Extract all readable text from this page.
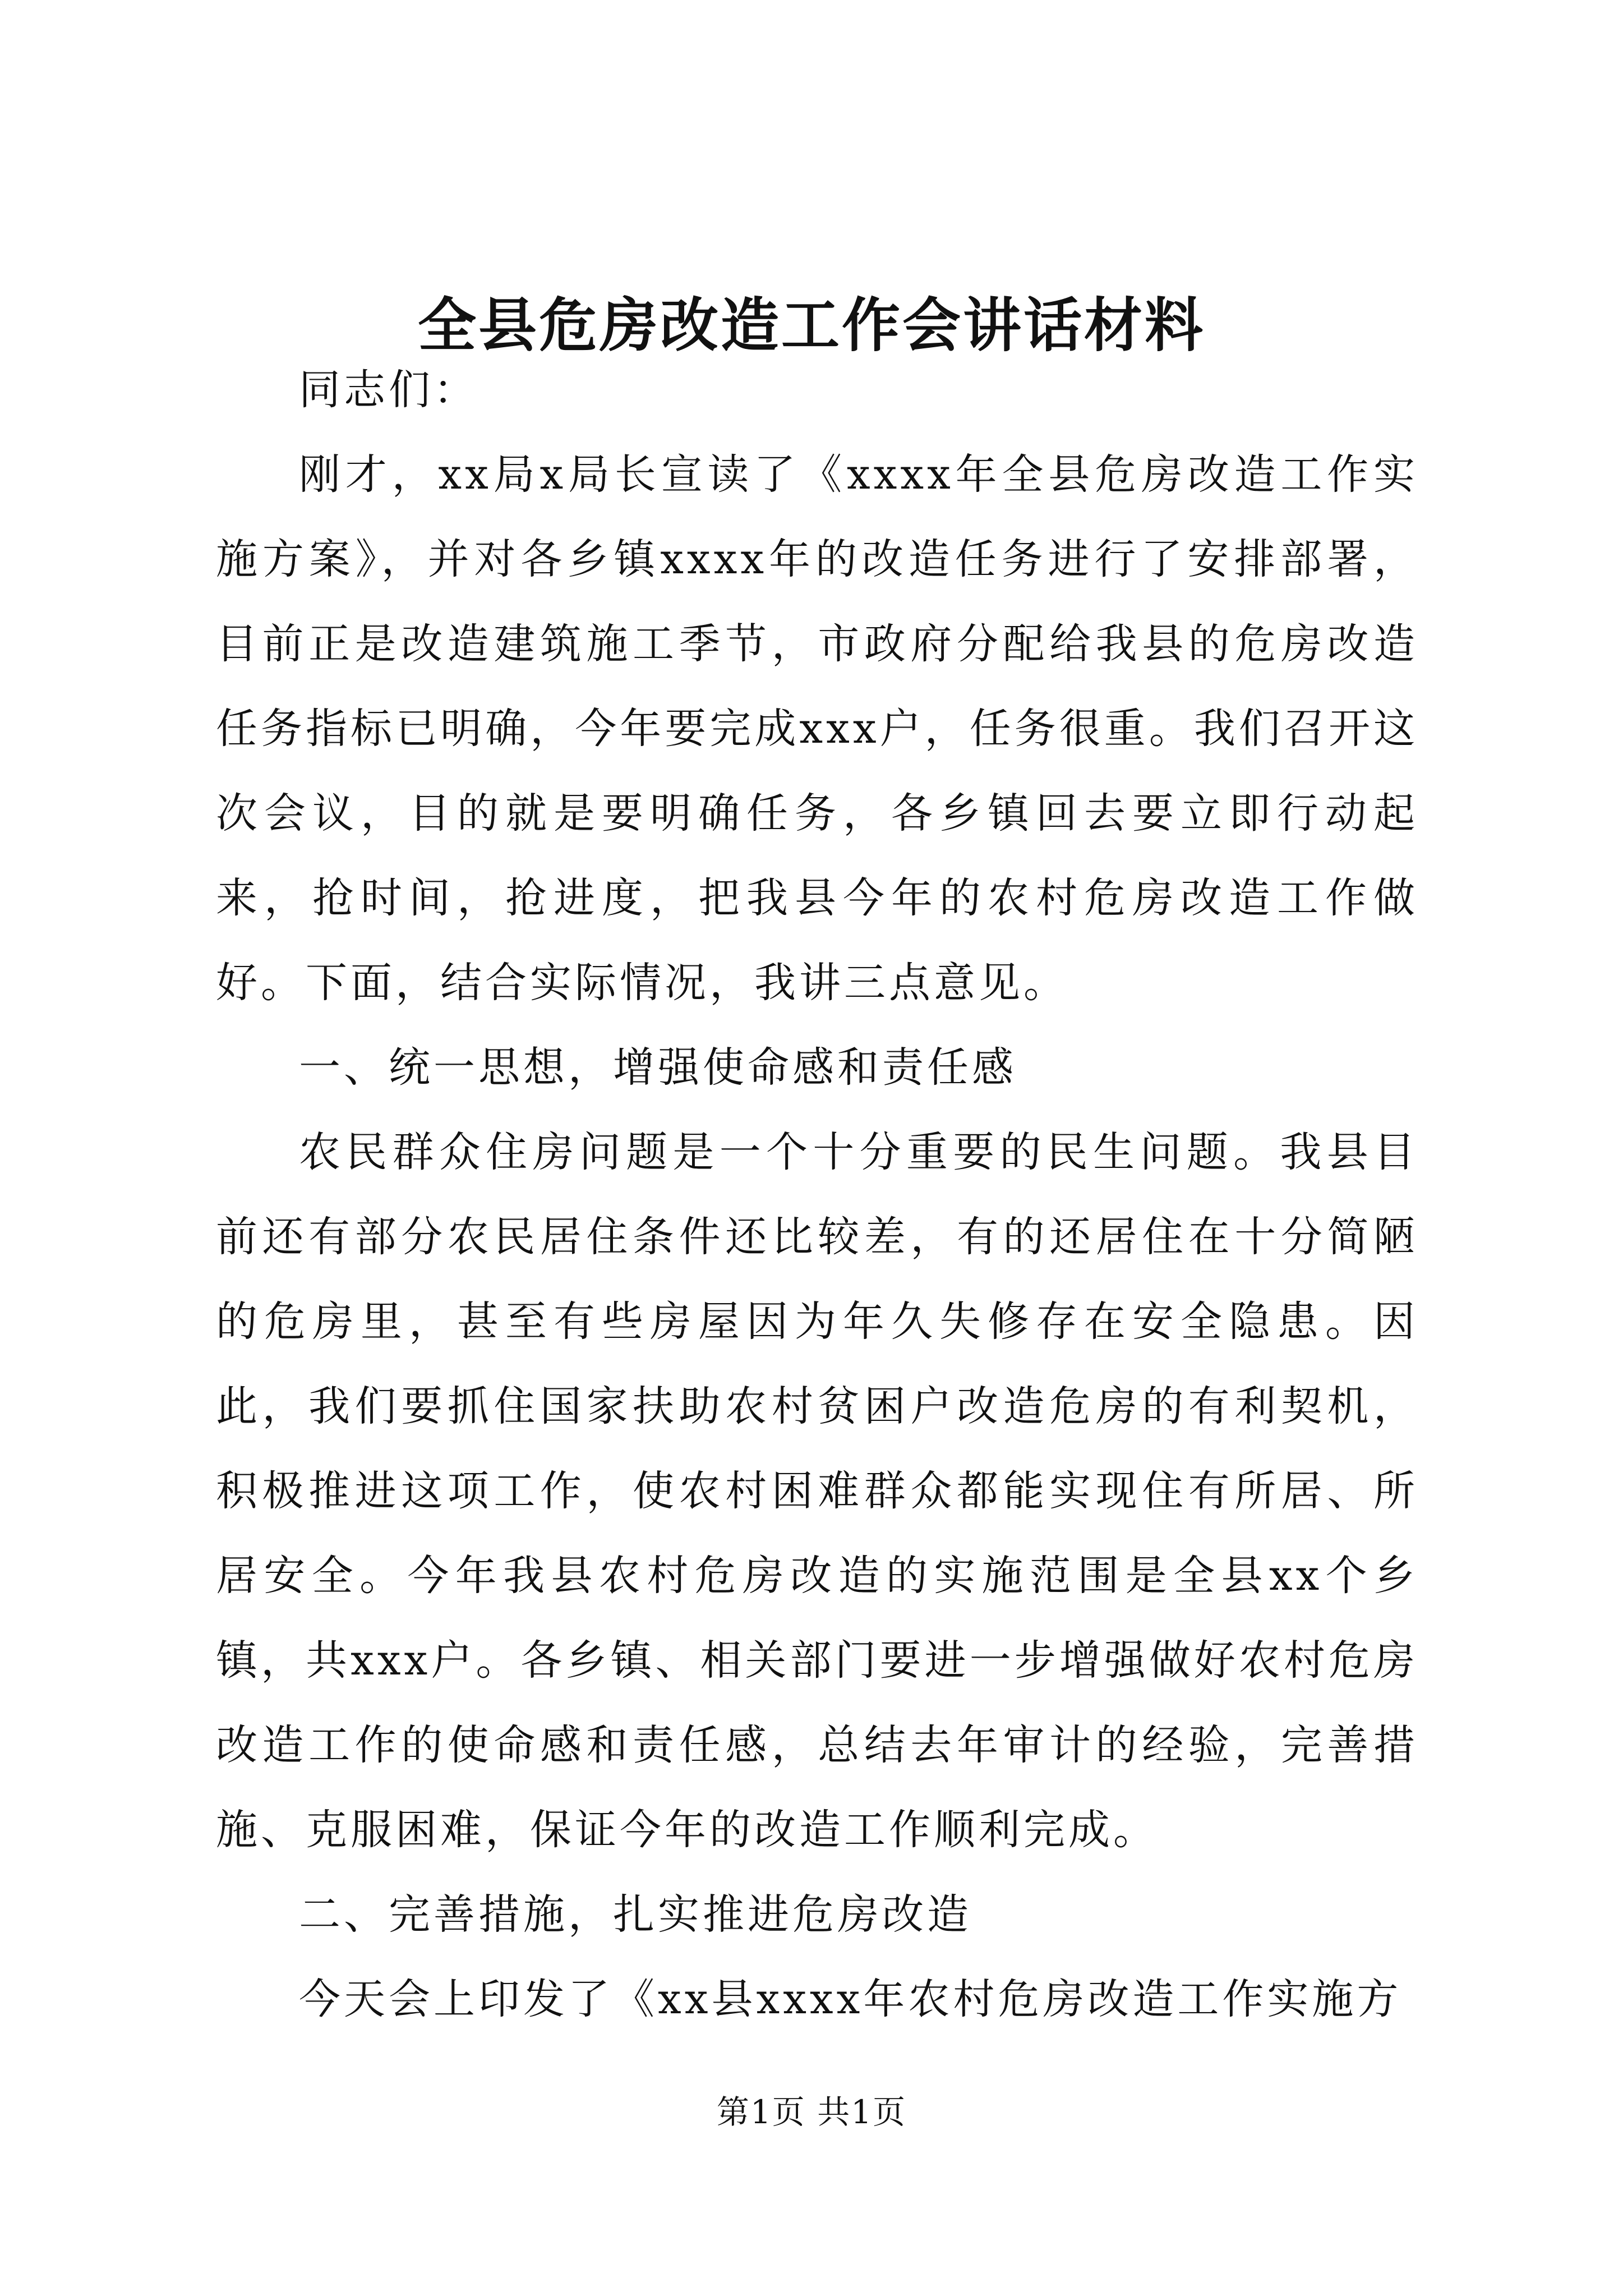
全县危房改造工作会讲话材料

同志们：

刚才，xx局x局长宣读了《xxxx年全县危房改造工作实施方案》，并对各乡镇xxxx年的改造任务进行了安排部署，目前正是改造建筑施工季节，市政府分配给我县的危房改造任务指标已明确，今年要完成xxx户，任务很重。我们召开这次会议，目的就是要明确任务，各乡镇回去要立即行动起来，抢时间，抢进度，把我县今年的农村危房改造工作做好。下面，结合实际情况，我讲三点意见。

一、统一思想，增强使命感和责任感

农民群众住房问题是一个十分重要的民生问题。我县目前还有部分农民居住条件还比较差，有的还居住在十分简陋的危房里，甚至有些房屋因为年久失修存在安全隐患。因此，我们要抓住国家扶助农村贫困户改造危房的有利契机，积极推进这项工作，使农村困难群众都能实现住有所居、所居安全。今年我县农村危房改造的实施范围是全县xx个乡镇，共xxx户。各乡镇、相关部门要进一步增强做好农村危房改造工作的使命感和责任感，总结去年审计的经验，完善措施、克服困难，保证今年的改造工作顺利完成。

二、完善措施，扎实推进危房改造

今天会上印发了《xx县xxxx年农村危房改造工作实施方

第1页 共1页
